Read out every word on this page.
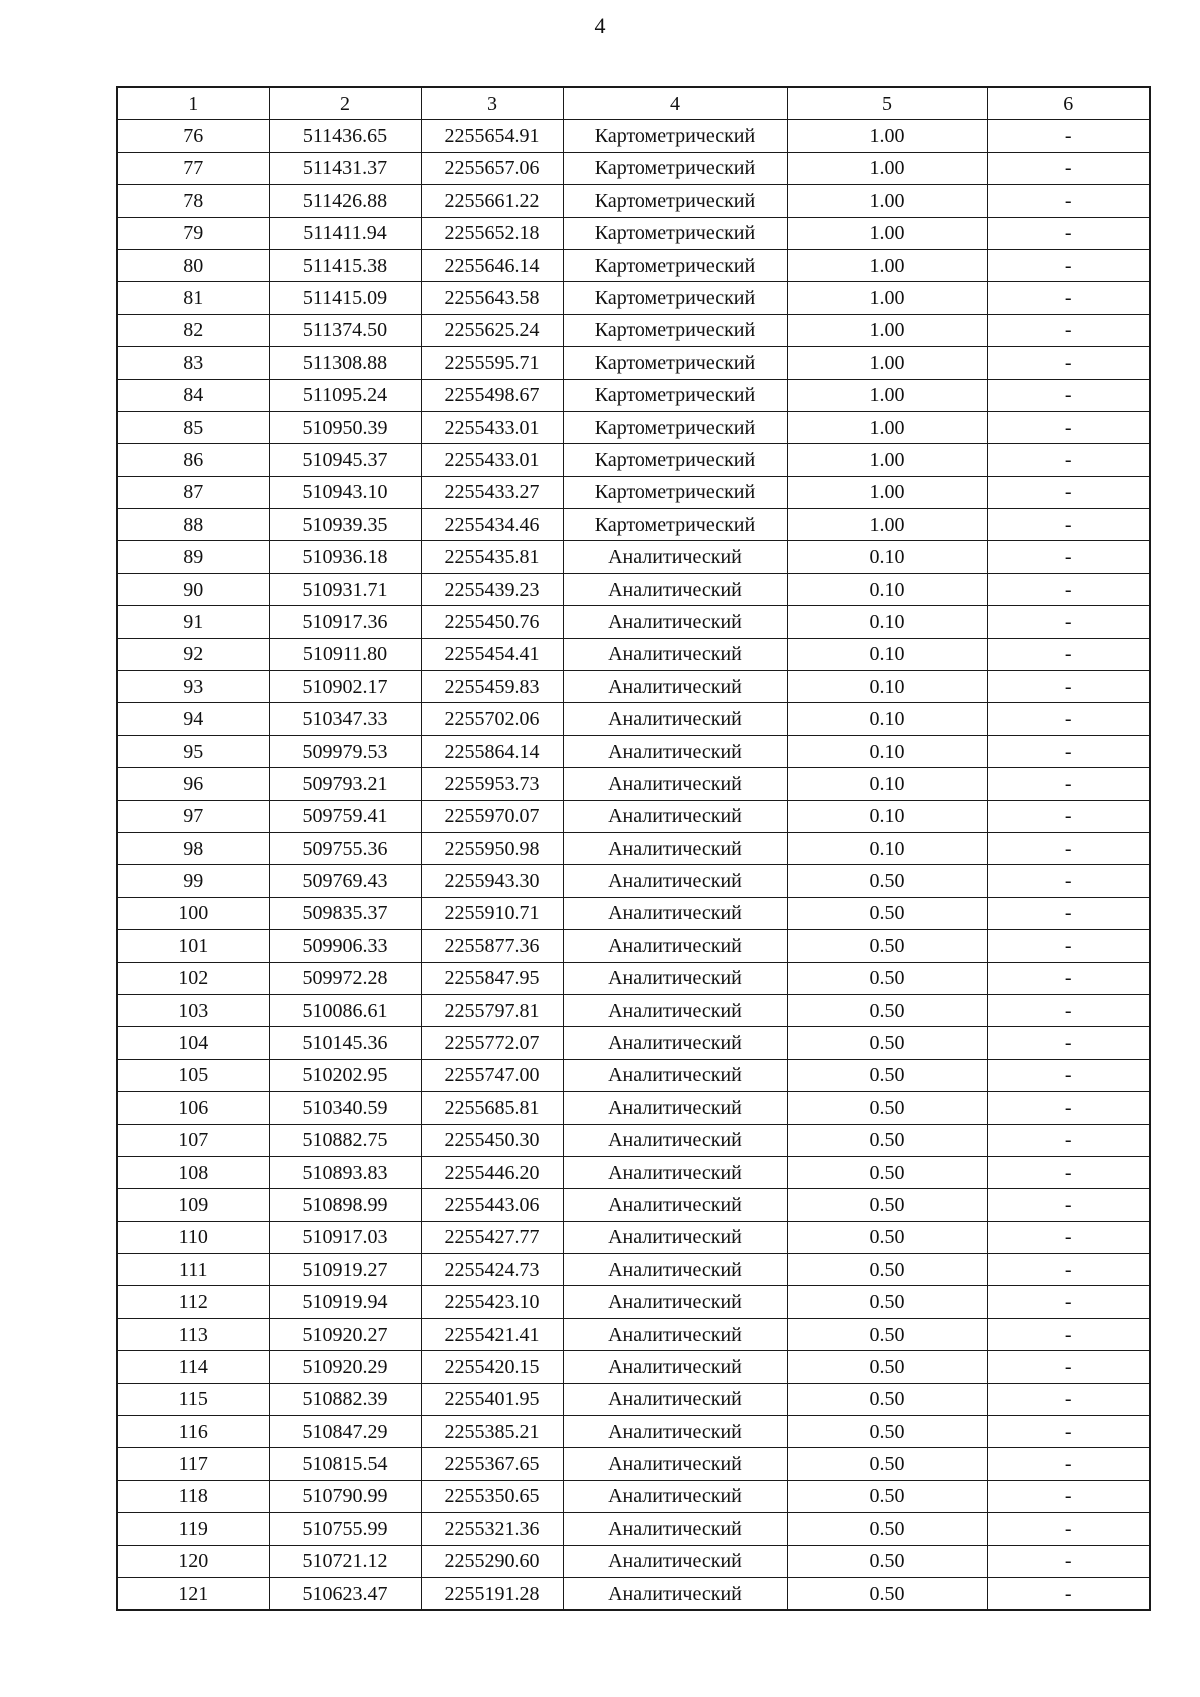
4
1	2	3	4	5	6
76	511436.65	2255654.91	Картометрический	1.00	-
77	511431.37	2255657.06	Картометрический	1.00	-
78	511426.88	2255661.22	Картометрический	1.00	-
79	511411.94	2255652.18	Картометрический	1.00	-
80	511415.38	2255646.14	Картометрический	1.00	-
81	511415.09	2255643.58	Картометрический	1.00	-
82	511374.50	2255625.24	Картометрический	1.00	-
83	511308.88	2255595.71	Картометрический	1.00	-
84	511095.24	2255498.67	Картометрический	1.00	-
85	510950.39	2255433.01	Картометрический	1.00	-
86	510945.37	2255433.01	Картометрический	1.00	-
87	510943.10	2255433.27	Картометрический	1.00	-
88	510939.35	2255434.46	Картометрический	1.00	-
89	510936.18	2255435.81	Аналитический	0.10	-
90	510931.71	2255439.23	Аналитический	0.10	-
91	510917.36	2255450.76	Аналитический	0.10	-
92	510911.80	2255454.41	Аналитический	0.10	-
93	510902.17	2255459.83	Аналитический	0.10	-
94	510347.33	2255702.06	Аналитический	0.10	-
95	509979.53	2255864.14	Аналитический	0.10	-
96	509793.21	2255953.73	Аналитический	0.10	-
97	509759.41	2255970.07	Аналитический	0.10	-
98	509755.36	2255950.98	Аналитический	0.10	-
99	509769.43	2255943.30	Аналитический	0.50	-
100	509835.37	2255910.71	Аналитический	0.50	-
101	509906.33	2255877.36	Аналитический	0.50	-
102	509972.28	2255847.95	Аналитический	0.50	-
103	510086.61	2255797.81	Аналитический	0.50	-
104	510145.36	2255772.07	Аналитический	0.50	-
105	510202.95	2255747.00	Аналитический	0.50	-
106	510340.59	2255685.81	Аналитический	0.50	-
107	510882.75	2255450.30	Аналитический	0.50	-
108	510893.83	2255446.20	Аналитический	0.50	-
109	510898.99	2255443.06	Аналитический	0.50	-
110	510917.03	2255427.77	Аналитический	0.50	-
111	510919.27	2255424.73	Аналитический	0.50	-
112	510919.94	2255423.10	Аналитический	0.50	-
113	510920.27	2255421.41	Аналитический	0.50	-
114	510920.29	2255420.15	Аналитический	0.50	-
115	510882.39	2255401.95	Аналитический	0.50	-
116	510847.29	2255385.21	Аналитический	0.50	-
117	510815.54	2255367.65	Аналитический	0.50	-
118	510790.99	2255350.65	Аналитический	0.50	-
119	510755.99	2255321.36	Аналитический	0.50	-
120	510721.12	2255290.60	Аналитический	0.50	-
121	510623.47	2255191.28	Аналитический	0.50	-
